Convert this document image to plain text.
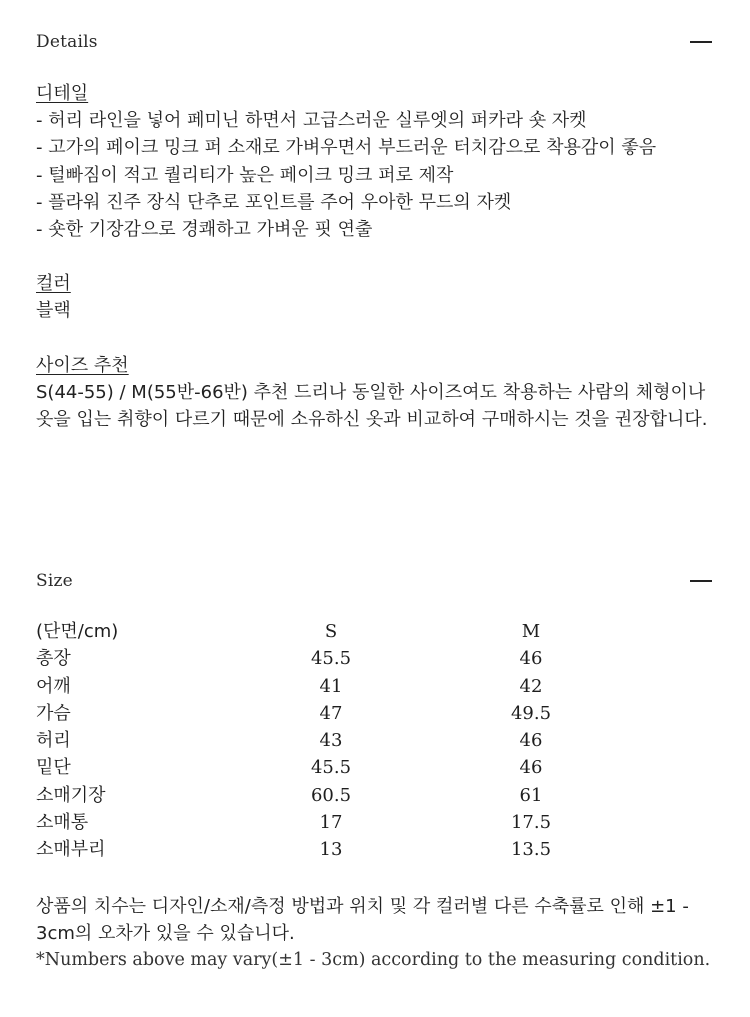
Details
디테일

- 허리 라인을 넣어 페미닌 하면서 고급스러운 실루엣의 퍼카라 숏 자켓

- 고가의 페이크 밍크 퍼 소재로 가벼우면서 부드러운 터치감으로 착용감이 좋음

- 털빠짐이 적고 퀄리티가 높은 페이크 밍크 퍼로 제작

- 플라워 진주 장식 단추로 포인트를 주어 우아한 무드의 자켓

- 숏한 기장감으로 경쾌하고 가벼운 핏 연출

컬러

블랙

사이즈 추천

S(44-55) / M(55반-66반) 추천 드리나 동일한 사이즈여도 착용하는 사람의 체형이나 옷을 입는 취향이 다르기 때문에 소유하신 옷과 비교하여 구매하시는 것을 권장합니다.

Size
(단면/cm)	S	M
총장	45.5	46
어깨	41	42
가슴	47	49.5
허리	43	46
밑단	45.5	46
소매기장	60.5	61
소매통	17	17.5
소매부리	13	13.5

상품의 치수는 디자인/소재/측정 방법과 위치 및 각 컬러별 다른 수축률로 인해 ±1 - 3cm의 오차가 있을 수 있습니다.

*Numbers above may vary(±1 - 3cm) according to the measuring condition.
